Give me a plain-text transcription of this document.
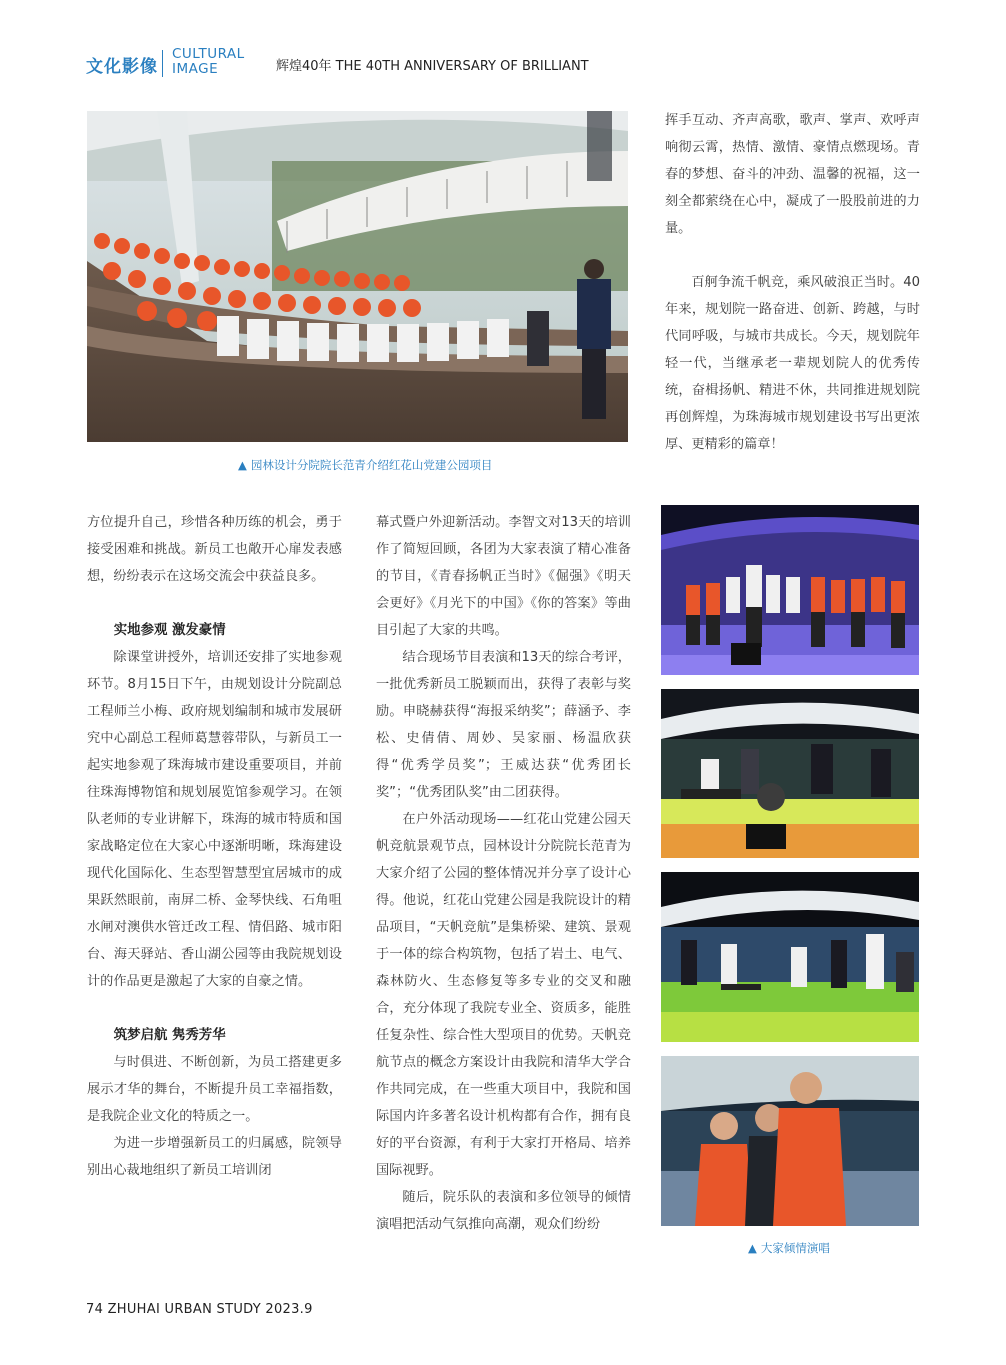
文化影像
CULTURAL
IMAGE	辉煌40年 THE 40TH ANNIVERSARY OF BRILLIANT
▲ 园林设计分院院长范青介绍红花山党建公园项目

挥手互动、齐声高歌，歌声、掌声、欢呼声响彻云霄，热情、激情、豪情点燃现场。青春的梦想、奋斗的冲劲、温馨的祝福，这一刻全都萦绕在心中，凝成了一股股前进的力量。

百舸争流千帆竞，乘风破浪正当时。40年来，规划院一路奋进、创新、跨越，与时代同呼吸，与城市共成长。今天，规划院年轻一代，当继承老一辈规划院人的优秀传统，奋楫扬帆、精进不休，共同推进规划院再创辉煌，为珠海城市规划建设书写出更浓厚、更精彩的篇章！

方位提升自己，珍惜各种历练的机会，勇于接受困难和挑战。新员工也敞开心扉发表感想，纷纷表示在这场交流会中获益良多。

实地参观 激发豪情

除课堂讲授外，培训还安排了实地参观环节。8月15日下午，由规划设计分院副总工程师兰小梅、政府规划编制和城市发展研究中心副总工程师葛慧蓉带队，与新员工一起实地参观了珠海城市建设重要项目，并前往珠海博物馆和规划展览馆参观学习。在领队老师的专业讲解下，珠海的城市特质和国家战略定位在大家心中逐渐明晰，珠海建设现代化国际化、生态型智慧型宜居城市的成果跃然眼前，南屏二桥、金琴快线、石角咀水闸对澳供水管迁改工程、情侣路、城市阳台、海天驿站、香山湖公园等由我院规划设计的作品更是激起了大家的自豪之情。

筑梦启航 隽秀芳华

与时俱进、不断创新，为员工搭建更多展示才华的舞台，不断提升员工幸福指数，是我院企业文化的特质之一。

为进一步增强新员工的归属感，院领导别出心裁地组织了新员工培训闭

幕式暨户外迎新活动。李智文对13天的培训作了简短回顾，各团为大家表演了精心准备的节目，《青春扬帆正当时》《倔强》《明天会更好》《月光下的中国》《你的答案》等曲目引起了大家的共鸣。

结合现场节目表演和13天的综合考评，一批优秀新员工脱颖而出，获得了表彰与奖励。申晓赫获得“海报采纳奖”；薛涵予、李松、史倩倩、周妙、吴家丽、杨温欣获得“优秀学员奖”；王威达获“优秀团长奖”；“优秀团队奖”由二团获得。

在户外活动现场——红花山党建公园天帆竞航景观节点，园林设计分院院长范青为大家介绍了公园的整体情况并分享了设计心得。他说，红花山党建公园是我院设计的精品项目，“天帆竞航”是集桥梁、建筑、景观于一体的综合构筑物，包括了岩土、电气、森林防火、生态修复等多专业的交叉和融合，充分体现了我院专业全、资质多，能胜任复杂性、综合性大型项目的优势。天帆竞航节点的概念方案设计由我院和清华大学合作共同完成，在一些重大项目中，我院和国际国内许多著名设计机构都有合作，拥有良好的平台资源，有利于大家打开格局、培养国际视野。

随后，院乐队的表演和多位领导的倾情演唱把活动气氛推向高潮，观众们纷纷

▲ 大家倾情演唱
74 ZHUHAI URBAN STUDY 2023.9
